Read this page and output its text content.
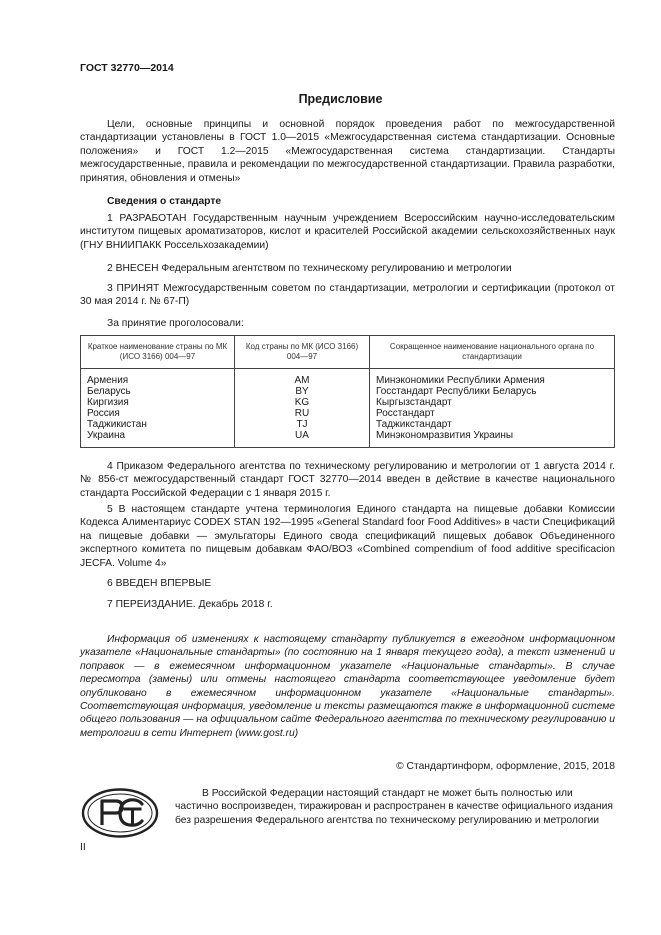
ГОСТ 32770—2014
Предисловие

Цели, основные принципы и основной порядок проведения работ по межгосударственной стандартизации установлены в ГОСТ 1.0—2015 «Межгосударственная система стандартизации. Основные положения» и ГОСТ 1.2—2015 «Межгосударственная система стандартизации. Стандарты межгосударственные, правила и рекомендации по межгосударственной стандартизации. Правила разработки, принятия, обновления и отмены»

Сведения о стандарте

1 РАЗРАБОТАН Государственным научным учреждением Всероссийским научно-исследовательским институтом пищевых ароматизаторов, кислот и красителей Российской академии сельскохозяйственных наук (ГНУ ВНИИПАКК Россельхозакадемии)

2 ВНЕСЕН Федеральным агентством по техническому регулированию и метрологии

3 ПРИНЯТ Межгосударственным советом по стандартизации, метрологии и сертификации (протокол от 30 мая 2014 г. № 67-П)

За принятие проголосовали:

Краткое наименование страны по МК (ИСО 3166) 004—97	Код страны по МК (ИСО 3166) 004—97	Сокращенное наименование национального органа по стандартизации

Армения	AM	Минэкономики Республики Армения
Беларусь	BY	Госстандарт Республики Беларусь
Киргизия	KG	Кыргызстандарт
Россия	RU	Росстандарт
Таджикистан	TJ	Таджикстандарт
Украина	UA	Минэкономразвития Украины

4 Приказом Федерального агентства по техническому регулированию и метрологии от 1 августа 2014 г. № 856-ст межгосударственный стандарт ГОСТ 32770—2014 введен в действие в качестве национального стандарта Российской Федерации с 1 января 2015 г.

5 В настоящем стандарте учтена терминология Единого стандарта на пищевые добавки Комиссии Кодекса Алиментариус CODEX STAN 192—1995 «General Standard foor Food Additives» в части Спецификаций на пищевые добавки — эмульгаторы Единого свода спецификаций пищевых добавок Объединенного экспертного комитета по пищевым добавкам ФАО/ВОЗ «Combined compendium of food additive specificacion JECFA. Volume 4»

6 ВВЕДЕН ВПЕРВЫЕ

7 ПЕРЕИЗДАНИЕ. Декабрь 2018 г.

Информация об изменениях к настоящему стандарту публикуется в ежегодном информационном указателе «Национальные стандарты» (по состоянию на 1 января текущего года), а текст изменений и поправок — в ежемесячном информационном указателе «Национальные стандарты». В случае пересмотра (замены) или отмены настоящего стандарта соответствующее уведомление будет опубликовано в ежемесячном информационном указателе «Национальные стандарты». Соответствующая информация, уведомление и тексты размещаются также в информационной системе общего пользования — на официальном сайте Федерального агентства по техническому регулированию и метрологии в сети Интернет (www.gost.ru)

© Стандартинформ, оформление, 2015, 2018

В Российской Федерации настоящий стандарт не может быть полностью или частично воспроизведен, тиражирован и распространен в качестве официального издания без разрешения Федерального агентства по техническому регулированию и метрологии

II
